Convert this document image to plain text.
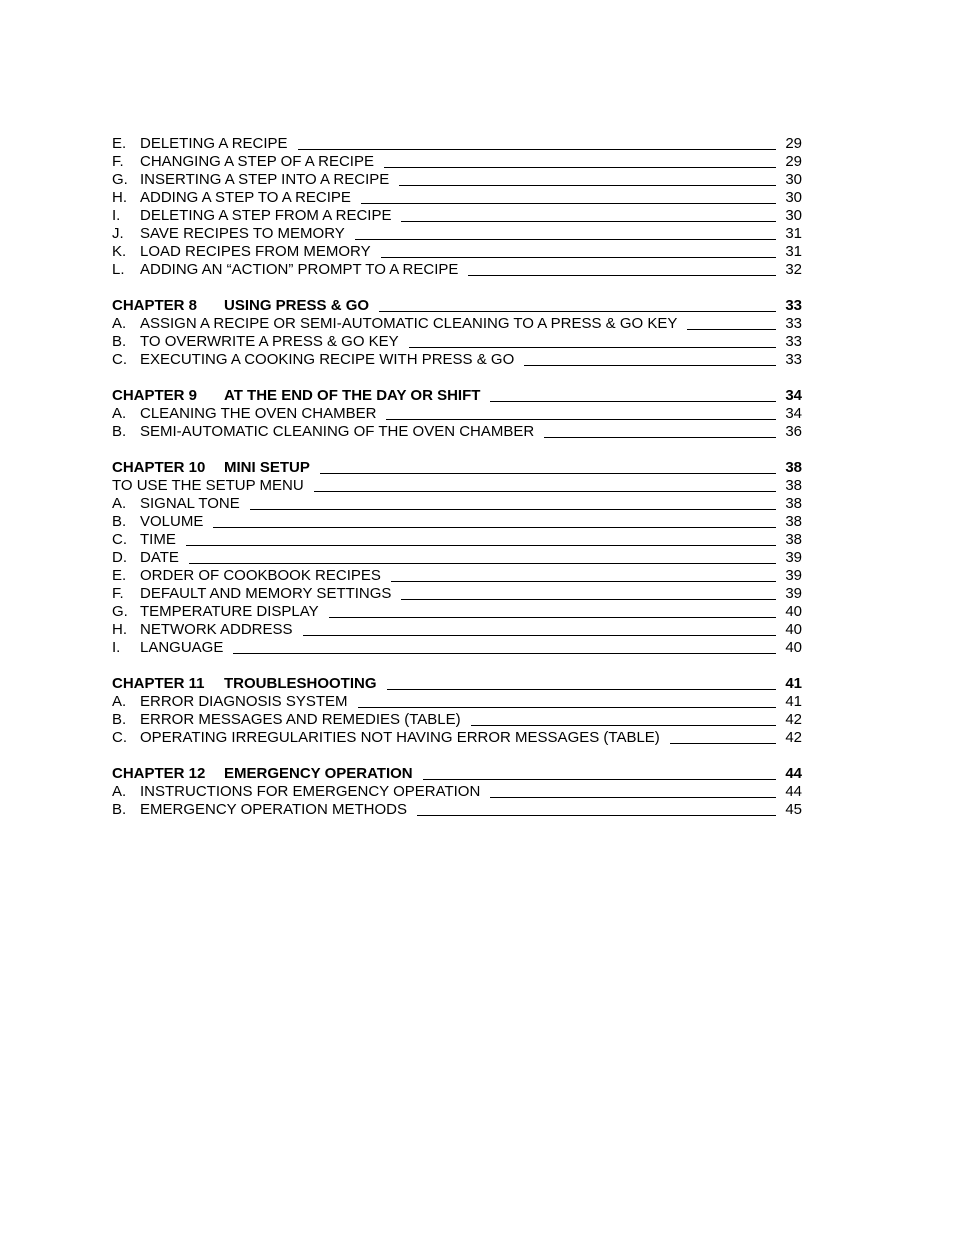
E. DELETING A RECIPE	29
F.	CHANGING A STEP OF A RECIPE	29
G. INSERTING A STEP INTO A RECIPE	30
H. ADDING A STEP TO A RECIPE	30
I.	DELETING A STEP FROM A RECIPE	30
J.	SAVE RECIPES TO MEMORY	31
K. LOAD RECIPES FROM MEMORY	31
L.	ADDING AN “ACTION” PROMPT TO A RECIPE	32
CHAPTER 8	USING PRESS & GO	33
A. ASSIGN A RECIPE OR SEMI-AUTOMATIC CLEANING TO A PRESS & GO KEY	33
B. TO OVERWRITE A PRESS & GO KEY	33
C. EXECUTING A COOKING RECIPE WITH PRESS & GO	33
CHAPTER 9	AT THE END OF THE DAY OR SHIFT	34
A. CLEANING THE OVEN CHAMBER	34
B. SEMI-AUTOMATIC CLEANING OF THE OVEN CHAMBER	36
CHAPTER 10	MINI SETUP	38
TO USE THE SETUP MENU	38
A. SIGNAL TONE	38
B. VOLUME	38
C. TIME	38
D. DATE	39
E. ORDER OF COOKBOOK RECIPES	39
F.	DEFAULT AND MEMORY SETTINGS	39
G. TEMPERATURE DISPLAY	40
H. NETWORK ADDRESS	40
I.	LANGUAGE	40
CHAPTER 11	TROUBLESHOOTING	41
A. ERROR DIAGNOSIS SYSTEM	41
B. ERROR MESSAGES AND REMEDIES (TABLE)	42
C. OPERATING IRREGULARITIES NOT HAVING ERROR MESSAGES (TABLE)	42
CHAPTER 12	EMERGENCY OPERATION	44
A. INSTRUCTIONS FOR EMERGENCY OPERATION	44
B. EMERGENCY OPERATION METHODS	45
